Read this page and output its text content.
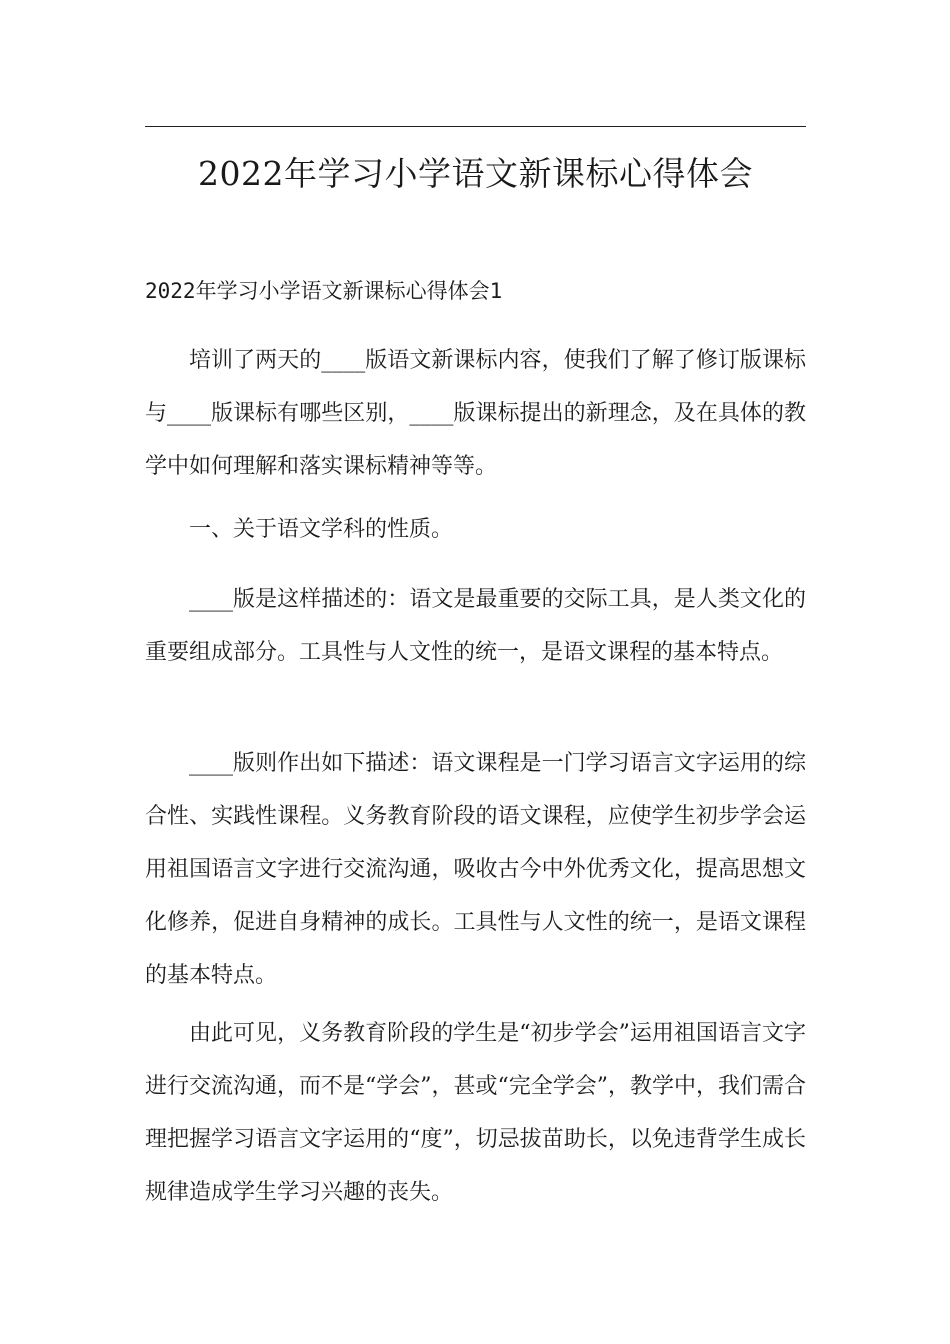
2022年学习小学语文新课标心得体会
2022年学习小学语文新课标心得体会1

培训了两天的____版语文新课标内容，使我们了解了修订版课标与____版课标有哪些区别，____版课标提出的新理念，及在具体的教学中如何理解和落实课标精神等等。

一、关于语文学科的性质。

____版是这样描述的：语文是最重要的交际工具，是人类文化的重要组成部分。工具性与人文性的统一，是语文课程的基本特点。

____版则作出如下描述：语文课程是一门学习语言文字运用的综合性、实践性课程。义务教育阶段的语文课程，应使学生初步学会运用祖国语言文字进行交流沟通，吸收古今中外优秀文化，提高思想文化修养，促进自身精神的成长。工具性与人文性的统一，是语文课程的基本特点。

由此可见，义务教育阶段的学生是“初步学会”运用祖国语言文字进行交流沟通，而不是“学会”，甚或“完全学会”，教学中，我们需合理把握学习语言文字运用的“度”，切忌拔苗助长，以免违背学生成长规律造成学生学习兴趣的丧失。
